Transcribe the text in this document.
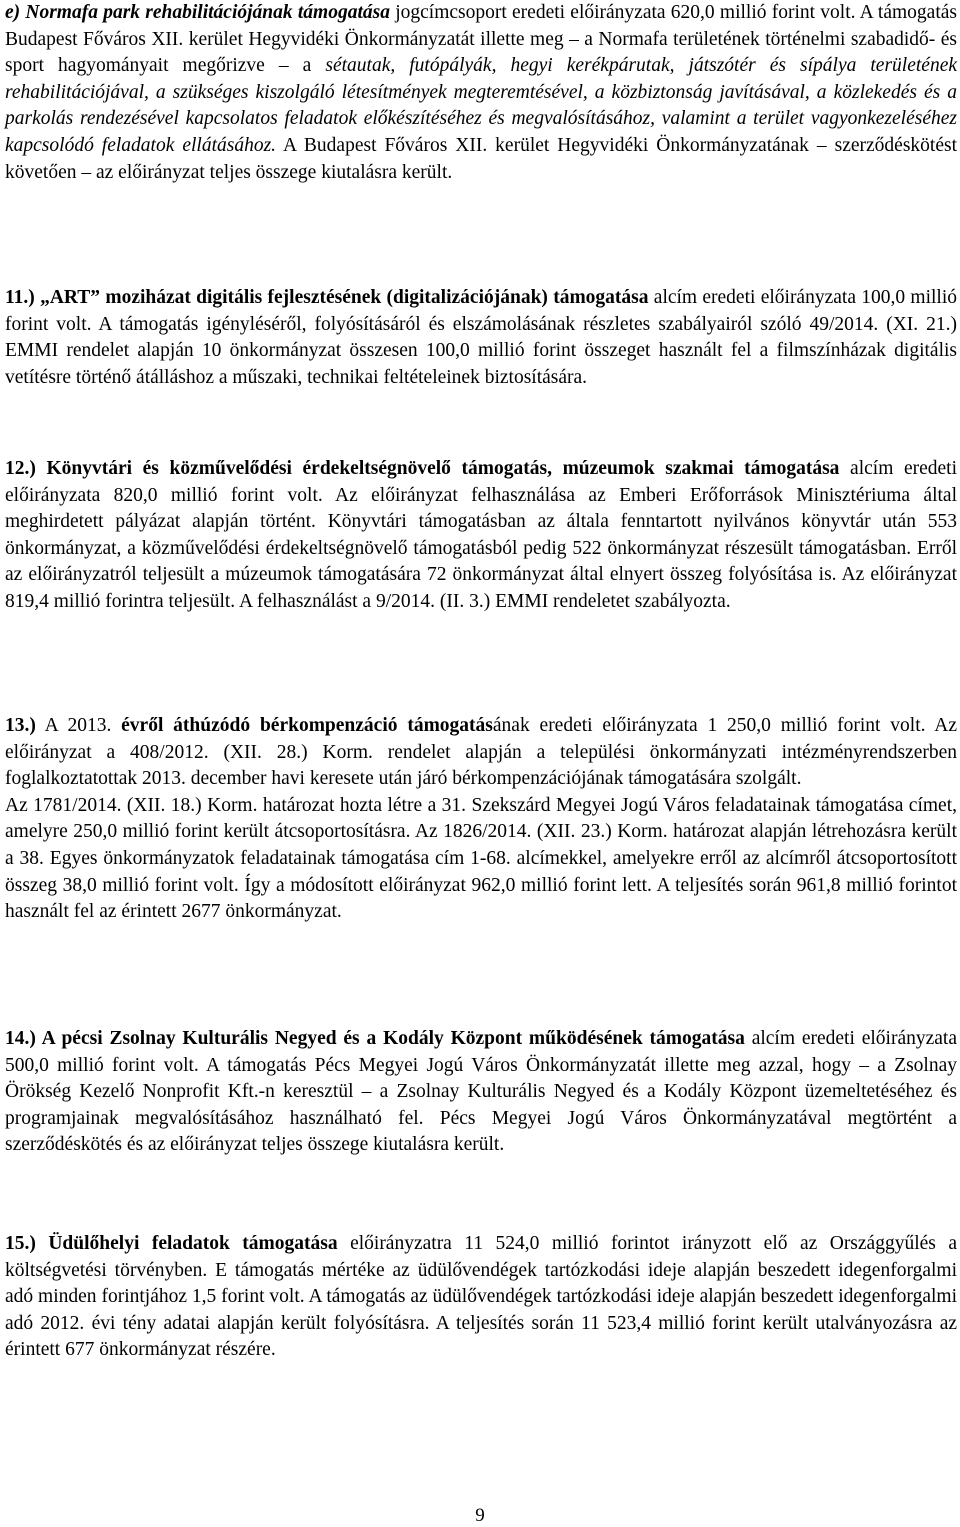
e) Normafa park rehabilitációjának támogatása jogcímcsoport eredeti előirányzata 620,0 millió forint volt. A támogatás Budapest Főváros XII. kerület Hegyvidéki Önkormányzatát illette meg – a Normafa területének történelmi szabadidő- és sport hagyományait megőrizve – a sétautak, futópályák, hegyi kerékpárutak, játszótér és sípálya területének rehabilitációjával, a szükséges kiszolgáló létesítmények megteremtésével, a közbiztonság javításával, a közlekedés és a parkolás rendezésével kapcsolatos feladatok előkészítéséhez és megvalósításához, valamint a terület vagyonkezeléséhez kapcsolódó feladatok ellátásához. A Budapest Főváros XII. kerület Hegyvidéki Önkormányzatának – szerződéskötést követően – az előirányzat teljes összege kiutalásra került.

11.) „ART” moziházat digitális fejlesztésének (digitalizációjának) támogatása alcím eredeti előirányzata 100,0 millió forint volt. A támogatás igényléséről, folyósításáról és elszámolásának részletes szabályairól szóló 49/2014. (XI. 21.) EMMI rendelet alapján 10 önkormányzat összesen 100,0 millió forint összeget használt fel a filmszínházak digitális vetítésre történő átálláshoz a műszaki, technikai feltételeinek biztosítására.

12.) Könyvtári és közművelődési érdekeltségnövelő támogatás, múzeumok szakmai támogatása alcím eredeti előirányzata 820,0 millió forint volt. Az előirányzat felhasználása az Emberi Erőforrások Minisztériuma által meghirdetett pályázat alapján történt. Könyvtári támogatásban az általa fenntartott nyilvános könyvtár után 553 önkormányzat, a közművelődési érdekeltségnövelő támogatásból pedig 522 önkormányzat részesült támogatásban. Erről az előirányzatról teljesült a múzeumok támogatására 72 önkormányzat által elnyert összeg folyósítása is. Az előirányzat 819,4 millió forintra teljesült. A felhasználást a 9/2014. (II. 3.) EMMI rendeletet szabályozta.

13.) A 2013. évről áthúzódó bérkompenzáció támogatásának eredeti előirányzata 1 250,0 millió forint volt. Az előirányzat a 408/2012. (XII. 28.) Korm. rendelet alapján a települési önkormányzati intézményrendszerben foglalkoztatottak 2013. december havi keresete után járó bérkompenzációjának támogatására szolgált.
Az 1781/2014. (XII. 18.) Korm. határozat hozta létre a 31. Szekszárd Megyei Jogú Város feladatainak támogatása címet, amelyre 250,0 millió forint került átcsoportosításra. Az 1826/2014. (XII. 23.) Korm. határozat alapján létrehozásra került a 38. Egyes önkormányzatok feladatainak támogatása cím 1-68. alcímekkel, amelyekre erről az alcímről átcsoportosított összeg 38,0 millió forint volt. Így a módosított előirányzat 962,0 millió forint lett. A teljesítés során 961,8 millió forintot használt fel az érintett 2677 önkormányzat.

14.) A pécsi Zsolnay Kulturális Negyed és a Kodály Központ működésének támogatása alcím eredeti előirányzata 500,0 millió forint volt. A támogatás Pécs Megyei Jogú Város Önkormányzatát illette meg azzal, hogy – a Zsolnay Örökség Kezelő Nonprofit Kft.-n keresztül – a Zsolnay Kulturális Negyed és a Kodály Központ üzemeltetéséhez és programjainak megvalósításához használható fel. Pécs Megyei Jogú Város Önkormányzatával megtörtént a szerződéskötés és az előirányzat teljes összege kiutalásra került.

15.) Üdülőhelyi feladatok támogatása előirányzatra 11 524,0 millió forintot irányzott elő az Országgyűlés a költségvetési törvényben. E támogatás mértéke az üdülővendégek tartózkodási ideje alapján beszedett idegenforgalmi adó minden forintjához 1,5 forint volt. A támogatás az üdülővendégek tartózkodási ideje alapján beszedett idegenforgalmi adó 2012. évi tény adatai alapján került folyósításra. A teljesítés során 11 523,4 millió forint került utalványozásra az érintett 677 önkormányzat részére.

9
